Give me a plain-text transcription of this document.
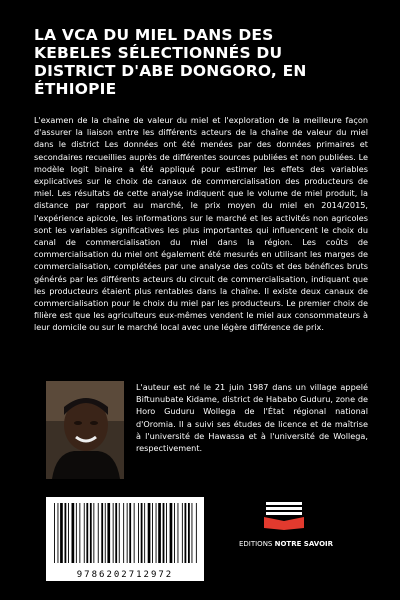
LA VCA DU MIEL DANS DES
KEBELES SÉLECTIONNÉS DU
DISTRICT D'ABE DONGORO, EN
ÉTHIOPIE

L'examen de la chaîne de valeur du miel et l'exploration de la meilleure façon d'assurer la liaison entre les différents acteurs de la chaîne de valeur du miel dans le district Les données ont été menées par des données primaires et secondaires recueillies auprès de différentes sources publiées et non publiées. Le modèle logit binaire a été appliqué pour estimer les effets des variables explicatives sur le choix de canaux de commercialisation des producteurs de miel. Les résultats de cette analyse indiquent que le volume de miel produit, la distance par rapport au marché, le prix moyen du miel en 2014/2015, l'expérience apicole, les informations sur le marché et les activités non agricoles sont les variables significatives les plus importantes qui influencent le choix du canal de commercialisation du miel dans la région. Les coûts de commercialisation du miel ont également été mesurés en utilisant les marges de commercialisation, complétées par une analyse des coûts et des bénéfices bruts générés par les différents acteurs du circuit de commercialisation, indiquant que les producteurs étaient plus rentables dans la chaîne. Il existe deux canaux de commercialisation pour le choix du miel par les producteurs. Le premier choix de filière est que les agriculteurs eux-mêmes vendent le miel aux consommateurs à leur domicile ou sur le marché local avec une légère différence de prix.

L'auteur est né le 21 juin 1987 dans un village appelé Biftunubate Kidame, district de Hababo Guduru, zone de Horo Guduru Wollega de l'État régional national d'Oromia. Il a suivi ses études de licence et de maîtrise à l'université de Hawassa et à l'université de Wollega, respectivement.

9786202712972
EDITIONS NOTRE SAVOIR
